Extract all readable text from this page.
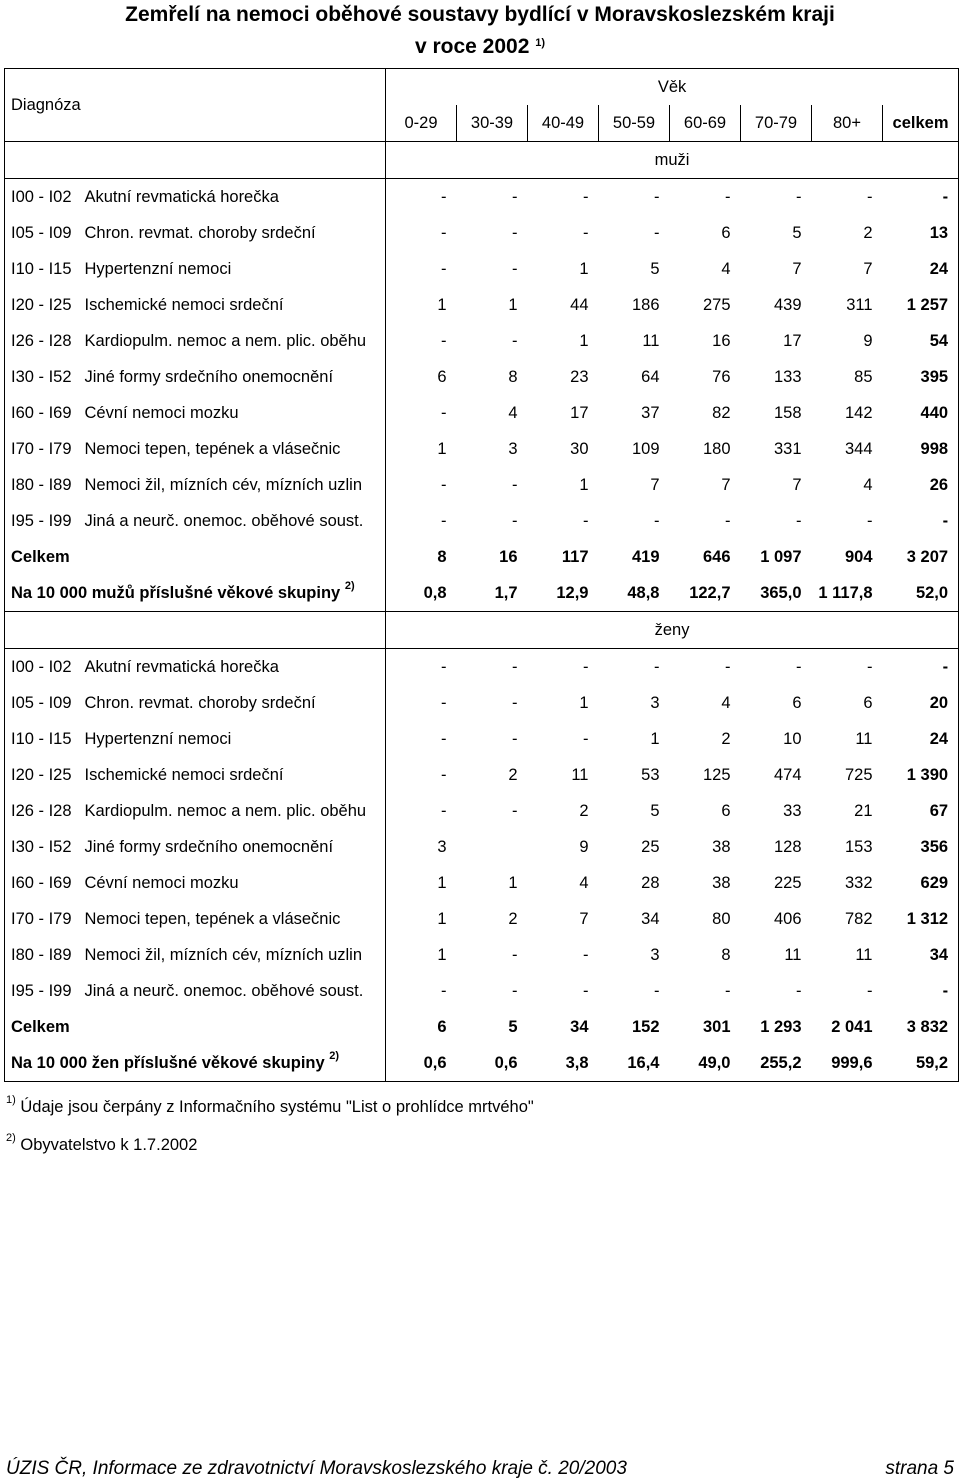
Zemřelí na nemoci oběhové soustavy bydlící v Moravskoslezském kraji
v roce 2002 $^{1)}$
Diagnóza		Věk							
		0-29	30-39	40-49	50-59	60-69	70-79	80+	celkem
		muži							
I00 - I02	Akutní revmatická horečka	-	-	-	-	-	-	-	-
I05 - I09	Chron. revmat. choroby srdeční	-	-	-	-	6	5	2	13
I10 - I15	Hypertenzní nemoci	-	-	1	5	4	7	7	24
I20 - I25	Ischemické nemoci srdeční	1	1	44	186	275	439	311	1 257
I26 - I28	Kardiopulm. nemoc a nem. plic. oběhu	-	-	1	11	16	17	9	54
I30 - I52	Jiné formy srdečního onemocnění	6	8	23	64	76	133	85	395
I60 - I69	Cévní nemoci mozku	-	4	17	37	82	158	142	440
I70 - I79	Nemoci tepen, tepének a vlásečnic	1	3	30	109	180	331	344	998
I80 - I89	Nemoci žil, mízních cév, mízních uzlin	-	-	1	7	7	7	4	26
I95 - I99	Jiná a neurč. onemoc. oběhové soust.	-	-	-	-	-	-	-	-
Celkem		8	16	117	419	646	1 097	904	3 207
Na 10 000 mužů příslušné věkové skupiny $^{2)}$		0,8	1,7	12,9	48,8	122,7	365,0	1 117,8	52,0
		ženy							
I00 - I02	Akutní revmatická horečka	-	-	-	-	-	-	-	-
I05 - I09	Chron. revmat. choroby srdeční	-	-	1	3	4	6	6	20
I10 - I15	Hypertenzní nemoci	-	-	-	1	2	10	11	24
I20 - I25	Ischemické nemoci srdeční	-	2	11	53	125	474	725	1 390
I26 - I28	Kardiopulm. nemoc a nem. plic. oběhu	-	-	2	5	6	33	21	67
I30 - I52	Jiné formy srdečního onemocnění	3		9	25	38	128	153	356
I60 - I69	Cévní nemoci mozku	1	1	4	28	38	225	332	629
I70 - I79	Nemoci tepen, tepének a vlásečnic	1	2	7	34	80	406	782	1 312
I80 - I89	Nemoci žil, mízních cév, mízních uzlin	1	-	-	3	8	11	11	34
I95 - I99	Jiná a neurč. onemoc. oběhové soust.	-	-	-	-	-	-	-	-
Celkem		6	5	34	152	301	1 293	2 041	3 832
Na 10 000 žen příslušné věkové skupiny $^{2)}$		0,6	0,6	3,8	16,4	49,0	255,2	999,6	59,2
$^{1)}$ Údaje jsou čerpány z Informačního systému "List o prohlídce mrtvého"
$^{2)}$ Obyvatelstvo k 1.7.2002
ÚZIS ČR, Informace ze zdravotnictví Moravskoslezského kraje č. 20/2003	strana 5
